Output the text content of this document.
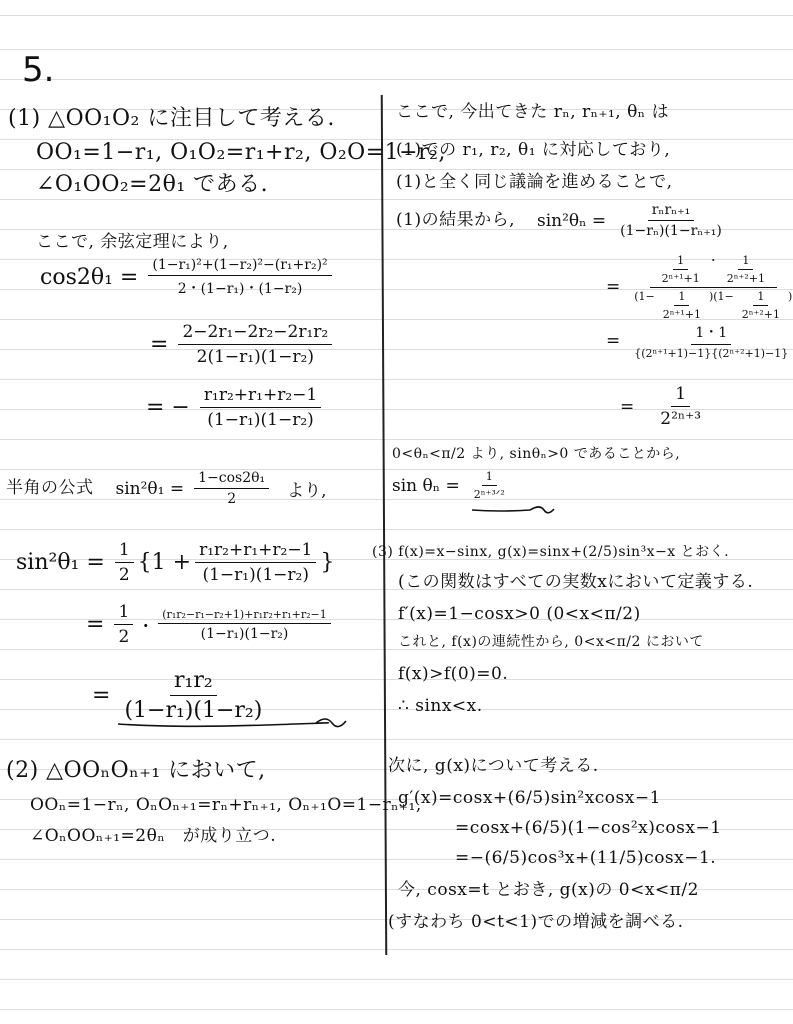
5.
(1) △OO₁O₂ に注目して考える.
OO₁=1−r₁, O₁O₂=r₁+r₂, O₂O=1−r₂,
∠O₁OO₂=2θ₁ である.
ここで, 余弦定理により,
$\cos 2\theta_1 = \frac{\text{(1−r₁)²+(1−r₂)²−(r₁+r₂)²}}{\text{2・(1−r₁)・(1−r₂)}}$
= $\frac{\text{2−2r₁−2r₂−2r₁r₂}}{\text{2(1−r₁)(1−r₂)}}$
= − $\frac{\text{r₁r₂+r₁+r₂−1}}{\text{(1−r₁)(1−r₂)}}$
半角の公式 $\sin^2\theta_1 = \frac{\text{1−cos2θ₁}}{2}$ より,
$\sin^2\theta_1 = \frac{1}{2} \{1 + \frac{\text{r₁r₂+r₁+r₂−1}}{\text{(1−r₁)(1−r₂)}}$ }
= $\frac{1}{2}$ ・ $\frac{\text{(r₁r₂−r₁−r₂+1)+r₁r₂+r₁+r₂−1}}{\text{(1−r₁)(1−r₂)}}$
= $\frac{\text{r₁r₂}}{\text{(1−r₁)(1−r₂)}}$
(2) △OOₙOₙ₊₁ において,
OOₙ=1−rₙ, OₙOₙ₊₁=rₙ+rₙ₊₁, Oₙ₊₁O=1−rₙ₊₁,
∠OₙOOₙ₊₁=2θₙ　が成り立つ.
ここで, 今出てきた rₙ, rₙ₊₁, θₙ は
(1)での r₁, r₂, θ₁ に対応しており,
(1)と全く同じ議論を進めることで,
(1)の結果から, $\sin^2\theta_n = \frac{\text{rₙrₙ₊₁}}{\text{(1−rₙ)(1−rₙ₊₁)}}$
=
$\frac{1}{\text{2ⁿ⁺¹+1}}$ ・ $\frac{1}{\text{2ⁿ⁺²+1}}$
$(1- \frac{1}{\text{2ⁿ⁺¹+1}} )(1- \frac{1}{\text{2ⁿ⁺²+1}}$ )
= $\frac{1・1}{\text{\{(2ⁿ⁺¹+1)−1\}\{(2ⁿ⁺²+1)−1\}}}$
= $\frac{1}{\text{2²ⁿ⁺³}}$
0<θₙ<π/2 より, sinθₙ>0 であることから,
$\sin \theta_n = \frac{1}{\text{2ⁿ⁺³ᐟ²}}$
(3) f(x)=x−sinx, g(x)=sinx+(2/5)sin³x−x とおく.
(この関数はすべての実数xにおいて定義する.
f′(x)=1−cosx>0 (0<x<π/2)
これと, f(x)の連続性から, 0<x<π/2 において
f(x)>f(0)=0.
∴ sinx<x.
次に, g(x)について考える.
g′(x)=cosx+(6/5)sin²xcosx−1
=cosx+(6/5)(1−cos²x)cosx−1
=−(6/5)cos³x+(11/5)cosx−1.
今, cosx=t とおき, g(x)の 0<x<π/2
(すなわち 0<t<1)での増減を調べる.
